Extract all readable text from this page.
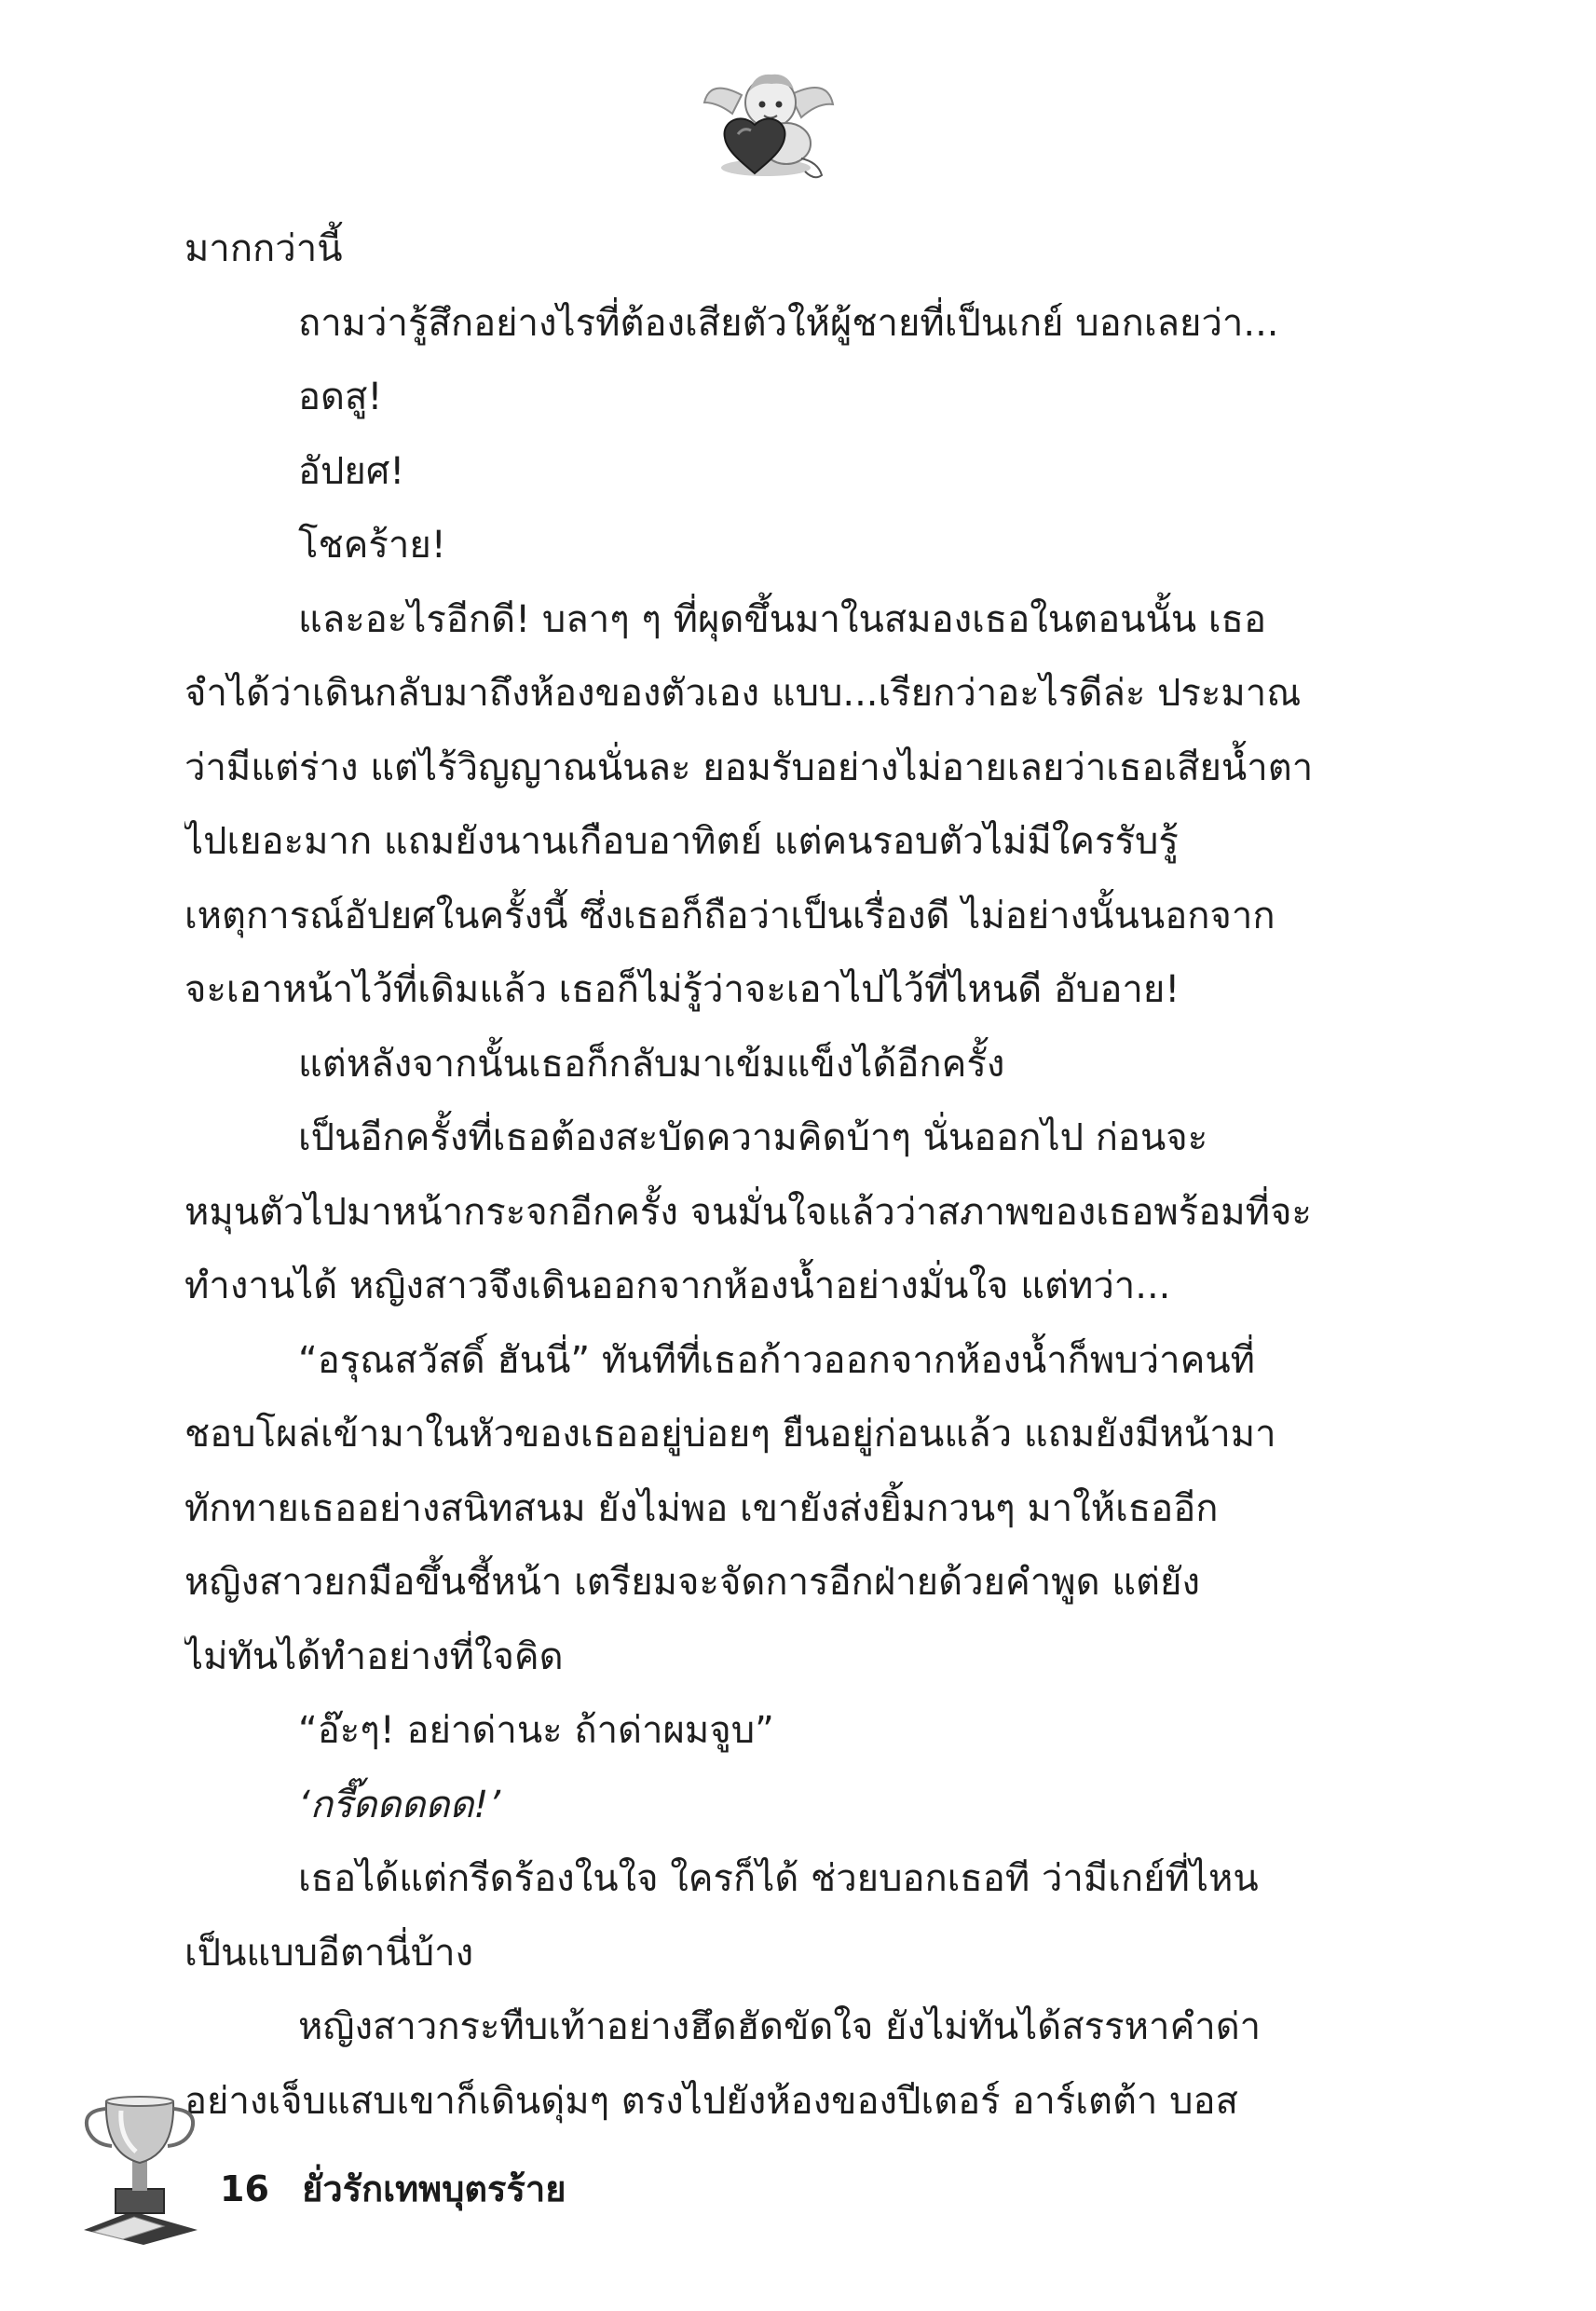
มากกว่านี้

ถามว่ารู้สึกอย่างไรที่ต้องเสียตัวให้ผู้ชายที่เป็นเกย์ บอกเลยว่า...

อดสู!

อัปยศ!

โชคร้าย!

และอะไรอีกดี! บลาๆ ๆ ที่ผุดขึ้นมาในสมองเธอในตอนนั้น เธอ

จำได้ว่าเดินกลับมาถึงห้องของตัวเอง แบบ...เรียกว่าอะไรดีล่ะ ประมาณ

ว่ามีแต่ร่าง แต่ไร้วิญญาณนั่นละ ยอมรับอย่างไม่อายเลยว่าเธอเสียน้ำตา

ไปเยอะมาก แถมยังนานเกือบอาทิตย์ แต่คนรอบตัวไม่มีใครรับรู้

เหตุการณ์อัปยศในครั้งนี้ ซึ่งเธอก็ถือว่าเป็นเรื่องดี ไม่อย่างนั้นนอกจาก

จะเอาหน้าไว้ที่เดิมแล้ว เธอก็ไม่รู้ว่าจะเอาไปไว้ที่ไหนดี อับอาย!

แต่หลังจากนั้นเธอก็กลับมาเข้มแข็งได้อีกครั้ง

เป็นอีกครั้งที่เธอต้องสะบัดความคิดบ้าๆ นั่นออกไป ก่อนจะ

หมุนตัวไปมาหน้ากระจกอีกครั้ง จนมั่นใจแล้วว่าสภาพของเธอพร้อมที่จะ

ทำงานได้ หญิงสาวจึงเดินออกจากห้องน้ำอย่างมั่นใจ แต่ทว่า...

“อรุณสวัสดิ์ ฮันนี่” ทันทีที่เธอก้าวออกจากห้องน้ำก็พบว่าคนที่

ชอบโผล่เข้ามาในหัวของเธออยู่บ่อยๆ ยืนอยู่ก่อนแล้ว แถมยังมีหน้ามา

ทักทายเธออย่างสนิทสนม ยังไม่พอ เขายังส่งยิ้มกวนๆ มาให้เธออีก

หญิงสาวยกมือขึ้นชี้หน้า เตรียมจะจัดการอีกฝ่ายด้วยคำพูด แต่ยัง

ไม่ทันได้ทำอย่างที่ใจคิด

“อ๊ะๆ! อย่าด่านะ ถ้าด่าผมจูบ”

‘กรี๊ดดดดด!’

เธอได้แต่กรีดร้องในใจ ใครก็ได้ ช่วยบอกเธอที ว่ามีเกย์ที่ไหน

เป็นแบบอีตานี่บ้าง

หญิงสาวกระทืบเท้าอย่างฮึดฮัดขัดใจ ยังไม่ทันได้สรรหาคำด่า

อย่างเจ็บแสบเขาก็เดินดุ่มๆ ตรงไปยังห้องของปีเตอร์ อาร์เตต้า บอส

16 ยั่วรักเทพบุตรร้าย
